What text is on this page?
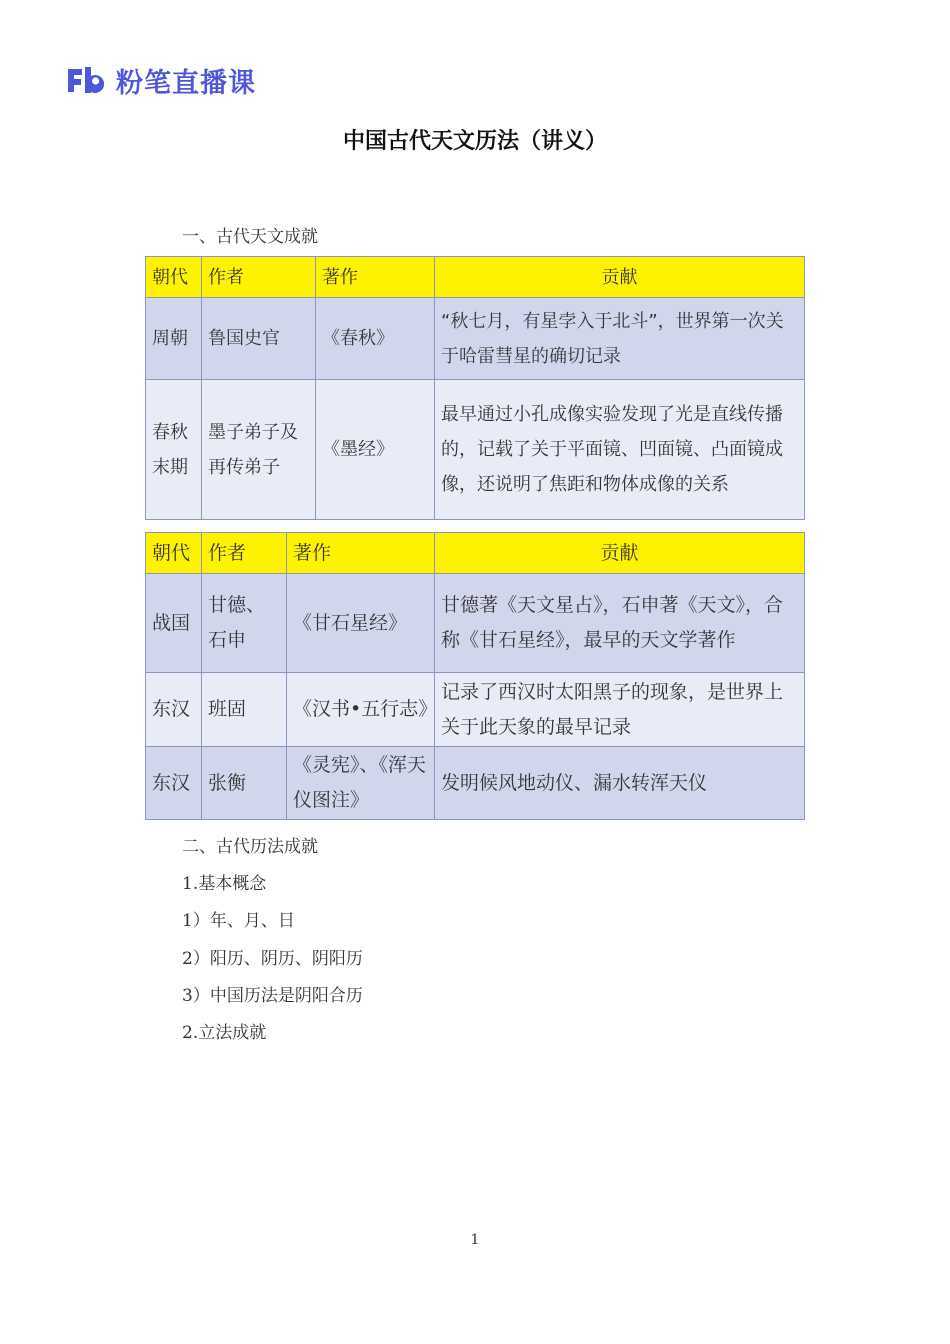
粉笔直播课
中国古代天文历法（讲义）
一、古代天文成就
朝代	作者	著作	贡献
周朝	鲁国史官	《春秋》	“秋七月，有星孛入于北斗”，世界第一次关于哈雷彗星的确切记录
春秋末期	墨子弟子及再传弟子	《墨经》	最早通过小孔成像实验发现了光是直线传播的，记载了关于平面镜、凹面镜、凸面镜成像，还说明了焦距和物体成像的关系
朝代	作者	著作	贡献
战国	甘德、石申	《甘石星经》	甘德著《天文星占》，石申著《天文》，合称《甘石星经》，最早的天文学著作
东汉	班固	《汉书•五行志》	记录了西汉时太阳黑子的现象，是世界上关于此天象的最早记录
东汉	张衡	《灵宪》、《浑天仪图注》	发明候风地动仪、漏水转浑天仪
二、古代历法成就
1.基本概念
1）年、月、日
2）阳历、阴历、阴阳历
3）中国历法是阴阳合历
2.立法成就
1
